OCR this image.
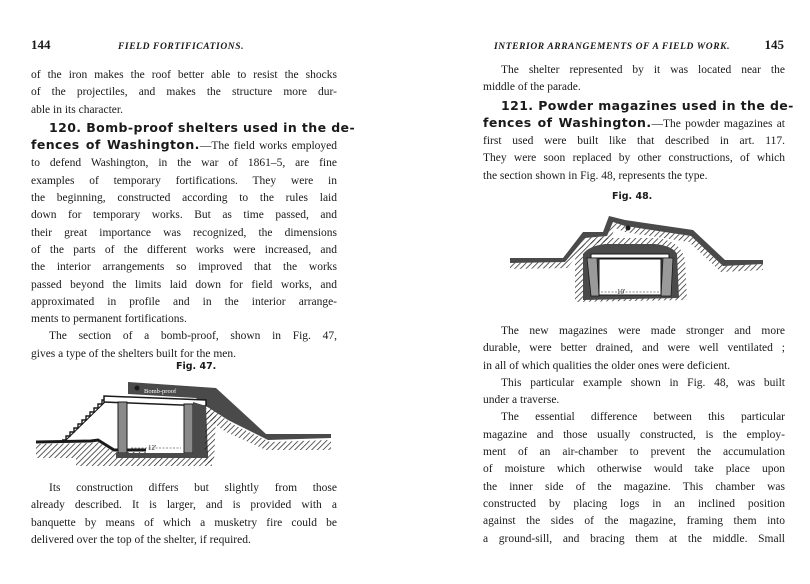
144	FIELD FORTIFICATIONS.
of the iron makes the roof better able to resist the shocks
of the projectiles, and makes the structure more dur-
able in its character.
120. Bomb-proof shelters used in the de-
fences of Washington.—The field works employed
to defend Washington, in the war of 1861–5, are fine
examples of temporary fortifications. They were in
the beginning, constructed according to the rules laid
down for temporary works. But as time passed, and
their great importance was recognized, the dimensions
of the parts of the different works were increased, and
the interior arrangements so improved that the works
passed beyond the limits laid down for field works, and
approximated in profile and in the interior arrange-
ments to permanent fortifications.
The section of a bomb-proof, shown in Fig. 47,
gives a type of the shelters built for the men.
Fig. 47.
12'
Bomb-proof
Its construction differs but slightly from those
already described. It is larger, and is provided with a
banquette by means of which a musketry fire could be
delivered over the top of the shelter, if required.
INTERIOR ARRANGEMENTS OF A FIELD WORK.	145
The shelter represented by it was located near the
middle of the parade.
121. Powder magazines used in the de-
fences of Washington.—The powder magazines at
first used were built like that described in art. 117.
They were soon replaced by other constructions, of which
the section shown in Fig. 48, represents the type.
Fig. 48.
10'
The new magazines were made stronger and more
durable, were better drained, and were well ventilated ;
in all of which qualities the older ones were deficient.
This particular example shown in Fig. 48, was built
under a traverse.
The essential difference between this particular
magazine and those usually constructed, is the employ-
ment of an air-chamber to prevent the accumulation
of moisture which otherwise would take place upon
the inner side of the magazine. This chamber was
constructed by placing logs in an inclined position
against the sides of the magazine, framing them into
a ground-sill, and bracing them at the middle. Small
